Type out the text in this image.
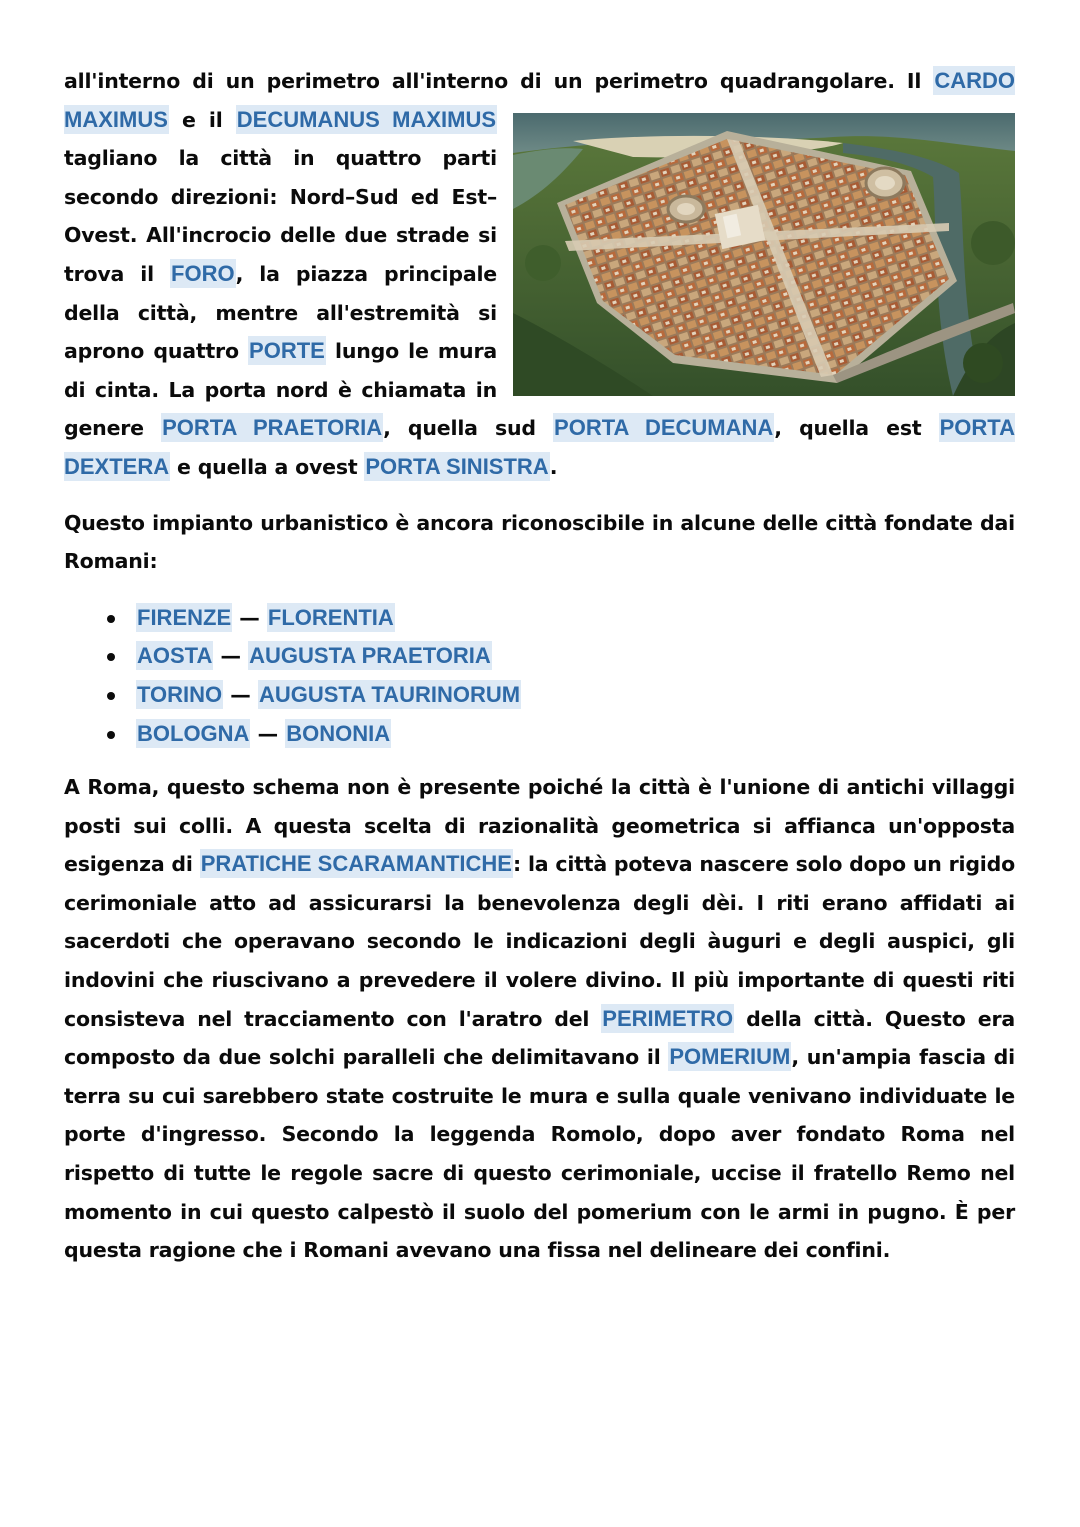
all'interno di un perimetro all'interno di un perimetro quadrangolare. Il CARDO MAXIMUS e il DECUMANUS MAXIMUS
tagliano la città in quattro parti secondo direzioni: Nord–Sud ed Est–Ovest. All'incrocio delle due strade si trova il FORO, la piazza principale della città, mentre all'estremità si aprono quattro PORTE lungo le mura di cinta. La porta nord è chiamata in genere PORTA PRAETORIA, quella sud PORTA DECUMANA, quella est PORTA DEXTERA e quella a ovest PORTA SINISTRA.

Questo impianto urbanistico è ancora riconoscibile in alcune delle città fondate dai Romani:

FIRENZE — FLORENTIA
AOSTA — AUGUSTA PRAETORIA
TORINO — AUGUSTA TAURINORUM
BOLOGNA — BONONIA

A Roma, questo schema non è presente poiché la città è l'unione di antichi villaggi posti sui colli. A questa scelta di razionalità geometrica si affianca un'opposta esigenza di PRATICHE SCARAMANTICHE: la città poteva nascere solo dopo un rigido cerimoniale atto ad assicurarsi la benevolenza degli dèi. I riti erano affidati ai sacerdoti che operavano secondo le indicazioni degli àuguri e degli auspici, gli indovini che riuscivano a prevedere il volere divino. Il più importante di questi riti consisteva nel tracciamento con l'aratro del PERIMETRO della città. Questo era composto da due solchi paralleli che delimitavano il POMERIUM, un'ampia fascia di terra su cui sarebbero state costruite le mura e sulla quale venivano individuate le porte d'ingresso. Secondo la leggenda Romolo, dopo aver fondato Roma nel rispetto di tutte le regole sacre di questo cerimoniale, uccise il fratello Remo nel momento in cui questo calpestò il suolo del pomerium con le armi in pugno. È per questa ragione che i Romani avevano una fissa nel delineare dei confini.
